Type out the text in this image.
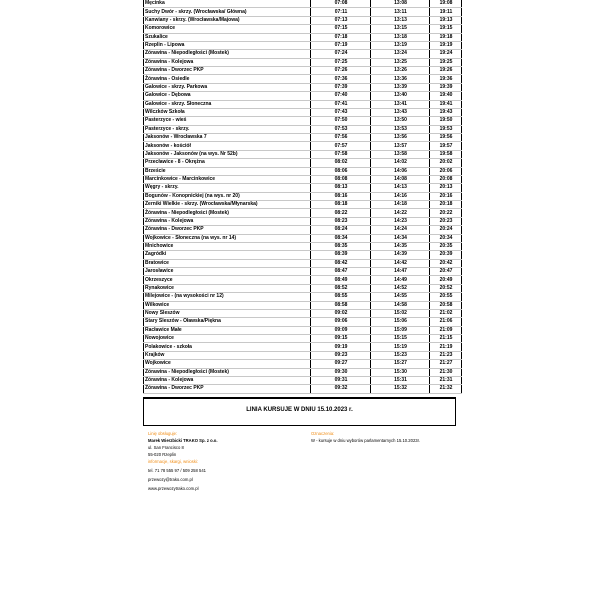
Męcinka	07:08	13:08	19:08
Suchy Dwór - skrzy. (Wrocławska/ Główna)	07:11	13:11	19:11
Kanwiany - skrzy. (Wrocławska/Majowa)	07:13	13:13	19:13
Komorowice	07:15	13:15	19:15
Szukalice	07:18	13:18	19:18
Rzeplin - Lipowa	07:19	13:19	19:19
Żórawina - Niepodległości (Mostek)	07:24	13:24	19:24
Żórawina - Kolejowa	07:25	13:25	19:25
Żórawina - Dworzec PKP	07:26	13:26	19:26
Żórawina - Osiedle	07:36	13:36	19:36
Galowice - skrzy. Parkowa	07:39	13:39	19:39
Galowice - Dębowa	07:40	13:40	19:40
Galowice - skrzy. Słoneczna	07:41	13:41	19:41
Wilczków Szkoła	07:43	13:43	19:43
Pasterzyce - wieś	07:50	13:50	19:50
Pasterzyce - skrzy.	07:53	13:53	19:53
Jaksonów - Wrocławska 7	07:56	13:56	19:56
Jaksonów - kościół	07:57	13:57	19:57
Jaksonów - Jaksonów (na wys. Nr 52b)	07:58	13:58	19:58
Przecławice - 8 - Okrężna	08:02	14:02	20:02
Brzeście	08:06	14:06	20:06
Marcinkowice - Marcinkowice	08:08	14:08	20:08
Węgry - skrzy.	08:13	14:13	20:13
Bogunów - Konopnickiej (na wys. nr 20)	08:16	14:16	20:16
Żerniki Wielkie - skrzy. (Wrocławska/Młynarska)	08:18	14:18	20:18
Żórawina - Niepodległości (Mostek)	08:22	14:22	20:22
Żórawina - Kolejowa	08:23	14:23	20:23
Żórawina - Dworzec PKP	08:24	14:24	20:24
Wojkowice - Słoneczna (na wys. nr 14)	08:34	14:34	20:34
Mnichowice	08:35	14:35	20:35
Zagródki	08:39	14:39	20:39
Bratowice	08:42	14:42	20:42
Jarosławice	08:47	14:47	20:47
Okrzeszyce	08:49	14:49	20:49
Rynakowice	08:52	14:52	20:52
Milejowice - (na wysokości nr 12)	08:55	14:55	20:55
Wilkowice	08:58	14:58	20:58
Nowy Śleszów	09:02	15:02	21:02
Stary Śleszów - Oławska/Piękna	09:06	15:06	21:06
Racławice Małe	09:09	15:09	21:09
Nowojowice	09:15	15:15	21:15
Polakowice - szkoła	09:19	15:19	21:19
Krajków	09:23	15:23	21:23
Wojkowice	09:27	15:27	21:27
Żórawina - Niepodległości (Mostek)	09:30	15:30	21:30
Żórawina - Kolejowa	09:31	15:31	21:31
Żórawina - Dworzec PKP	09:32	15:32	21:32
LINIA KURSUJE W DNIU 15.10.2023 r.
Linię obsługuje:
Marek Wierzbicki TRAKO Sp. z o.o.
ul. San Francisco 8
55-020 Rzeplin
informacje, skargi, wnioski:
tel. 71 78 555 97 / 509 258 541
przewozy@trako.com.pl
www.przewozytrako.com.pl
Oznaczenia:
W - kursuje w dniu wyborów parlamentarnych 15.10.2023r.
